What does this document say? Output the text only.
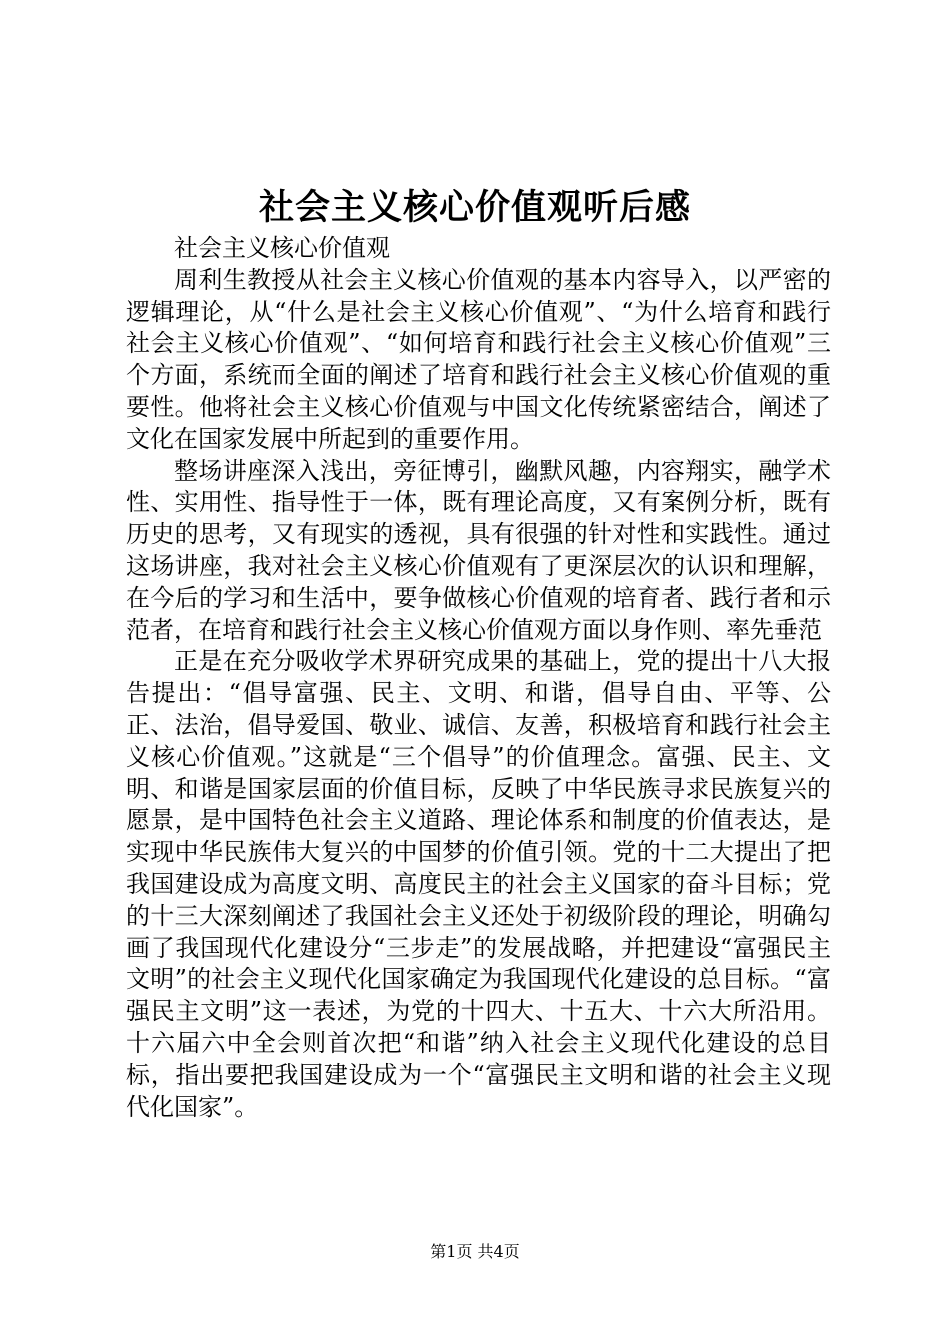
社会主义核心价值观听后感

社会主义核心价值观

周利生教授从社会主义核心价值观的基本内容导入，以严密的逻辑理论，从“什么是社会主义核心价值观”、“为什么培育和践行社会主义核心价值观”、“如何培育和践行社会主义核心价值观”三个方面，系统而全面的阐述了培育和践行社会主义核心价值观的重要性。他将社会主义核心价值观与中国文化传统紧密结合，阐述了文化在国家发展中所起到的重要作用。

整场讲座深入浅出，旁征博引，幽默风趣，内容翔实，融学术性、实用性、指导性于一体，既有理论高度，又有案例分析，既有历史的思考，又有现实的透视，具有很强的针对性和实践性。通过这场讲座，我对社会主义核心价值观有了更深层次的认识和理解，在今后的学习和生活中，要争做核心价值观的培育者、践行者和示范者，在培育和践行社会主义核心价值观方面以身作则、率先垂范

正是在充分吸收学术界研究成果的基础上，党的提出十八大报告提出：“倡导富强、民主、文明、和谐，倡导自由、平等、公正、法治，倡导爱国、敬业、诚信、友善，积极培育和践行社会主义核心价值观。”这就是“三个倡导”的价值理念。富强、民主、文明、和谐是国家层面的价值目标，反映了中华民族寻求民族复兴的愿景，是中国特色社会主义道路、理论体系和制度的价值表达，是实现中华民族伟大复兴的中国梦的价值引领。党的十二大提出了把我国建设成为高度文明、高度民主的社会主义国家的奋斗目标；党的十三大深刻阐述了我国社会主义还处于初级阶段的理论，明确勾画了我国现代化建设分“三步走”的发展战略，并把建设“富强民主文明”的社会主义现代化国家确定为我国现代化建设的总目标。“富强民主文明”这一表述，为党的十四大、十五大、十六大所沿用。十六届六中全会则首次把“和谐”纳入社会主义现代化建设的总目标，指出要把我国建设成为一个“富强民主文明和谐的社会主义现代化国家”。

第1页 共4页
